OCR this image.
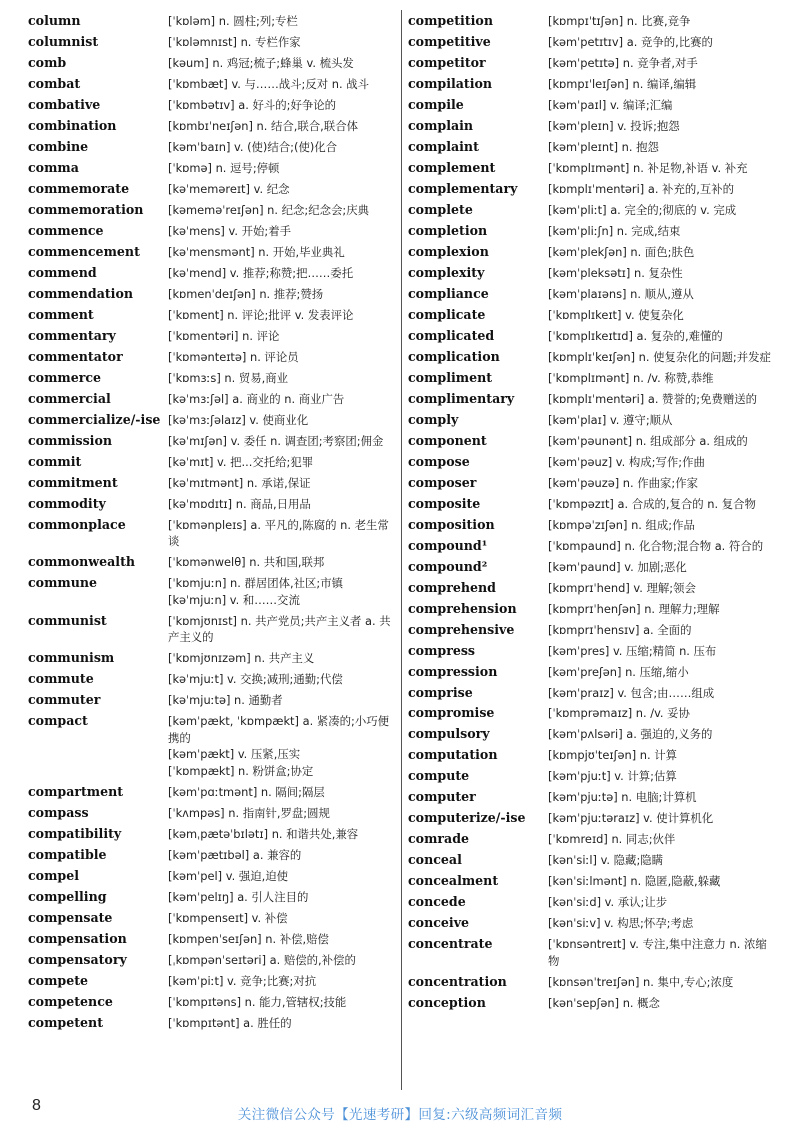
column	[ˈkɒləm] n. 圆柱;列;专栏
columnist	[ˈkɒləmnɪst] n. 专栏作家
comb	[kəum] n. 鸡冠;梳子;蜂巢 v. 梳头发
combat	[ˈkɒmbæt] v. 与……战斗;反对 n. 战斗
combative	[ˈkɒmbətɪv] a. 好斗的;好争论的
combination	[kɒmbɪˈneɪʃən] n. 结合,联合,联合体
combine	[kəmˈbaɪn] v. (使)结合;(使)化合
comma	[ˈkɒmə] n. 逗号;停顿
commemorate	[kəˈmeməreɪt] v. 纪念
commemoration	[kəmeməˈreɪʃən] n. 纪念;纪念会;庆典
commence	[kəˈmens] v. 开始;着手
commencement	[kəˈmensmənt] n. 开始,毕业典礼
commend	[kəˈmend] v. 推荐;称赞;把……委托
commendation	[kɒmenˈdeɪʃən] n. 推荐;赞扬
comment	[ˈkɒment] n. 评论;批评 v. 发表评论
commentary	[ˈkɒmentəri] n. 评论
commentator	[ˈkɒmənteɪtə] n. 评论员
commerce	[ˈkɒmɜːs] n. 贸易,商业
commercial	[kəˈmɜːʃəl] a. 商业的 n. 商业广告
commercialize/-ise [kəˈmɜːʃəlaɪz] v. 使商业化
commission	[kəˈmɪʃən] v. 委任 n. 调查团;考察团;佣金
commit	[kəˈmɪt] v. 把...交托给;犯罪
commitment	[kəˈmɪtmənt] n. 承诺,保证
commodity	[kəˈmɒdɪtɪ] n. 商品,日用品
commonplace	[ˈkɒmənpleɪs] a. 平凡的,陈腐的 n. 老生常谈
commonwealth	[ˈkɒmənwelθ] n. 共和国,联邦
commune	[ˈkɒmjuːn] n. 群居团体,社区;市镇
[kəˈmjuːn] v. 和……交流
communist	[ˈkɒmjʊnɪst] n. 共产党员;共产主义者 a. 共产主义的
communism	[ˈkɒmjʊnɪzəm] n. 共产主义
commute	[kəˈmjuːt] v. 交换;减刑;通勤;代偿
commuter	[kəˈmjuːtə] n. 通勤者
compact	[kəmˈpækt, ˈkɒmpækt] a. 紧凑的;小巧便携的
[kəmˈpækt] v. 压紧,压实
[ˈkɒmpækt] n. 粉饼盒;协定
compartment	[kəmˈpɑːtmənt] n. 隔间;隔层
compass	[ˈkʌmpəs] n. 指南针,罗盘;圆规
compatibility	[kəmˌpætəˈbɪlətɪ] n. 和谐共处,兼容
compatible	[kəmˈpætɪbəl] a. 兼容的
compel	[kəmˈpel] v. 强迫,迫使
compelling	[kəmˈpelɪŋ] a. 引人注目的
compensate	[ˈkɒmpenseɪt] v. 补偿
compensation	[kɒmpenˈseɪʃən] n. 补偿,赔偿
compensatory	[ˌkɒmpənˈseɪtəri] a. 赔偿的,补偿的
compete	[kəmˈpiːt] v. 竞争;比赛;对抗
competence	[ˈkɒmpɪtəns] n. 能力,管辖权;技能
competent	[ˈkɒmpɪtənt] a. 胜任的
competition	[kɒmpɪˈtɪʃən] n. 比赛,竞争
competitive	[kəmˈpetɪtɪv] a. 竞争的,比赛的
competitor	[kəmˈpetɪtə] n. 竞争者,对手
compilation	[kɒmpɪˈleɪʃən] n. 编译,编辑
compile	[kəmˈpaɪl] v. 编译;汇编
complain	[kəmˈpleɪn] v. 投诉;抱怨
complaint	[kəmˈpleɪnt] n. 抱怨
complement	[ˈkɒmplɪmənt] n. 补足物,补语 v. 补充
complementary	[kɒmplɪˈmentəri] a. 补充的,互补的
complete	[kəmˈpliːt] a. 完全的;彻底的 v. 完成
completion	[kəmˈpliːʃn] n. 完成,结束
complexion	[kəmˈplekʃən] n. 面色;肤色
complexity	[kəmˈpleksətɪ] n. 复杂性
compliance	[kəmˈplaɪəns] n. 顺从,遵从
complicate	[ˈkɒmplɪkeɪt] v. 使复杂化
complicated	[ˈkɒmplɪkeɪtɪd] a. 复杂的,难懂的
complication	[kɒmplɪˈkeɪʃən] n. 使复杂化的问题;并发症
compliment	[ˈkɒmplɪmənt] n. /v. 称赞,恭维
complimentary	[kɒmplɪˈmentəri] a. 赞誉的;免费赠送的
comply	[kəmˈplaɪ] v. 遵守;顺从
component	[kəmˈpəunənt] n. 组成部分 a. 组成的
compose	[kəmˈpəuz] v. 构成;写作;作曲
composer	[kəmˈpəuzə] n. 作曲家;作家
composite	[ˈkɒmpəzɪt] a. 合成的,复合的 n. 复合物
composition	[kɒmpəˈzɪʃən] n. 组成;作品
compound¹	[ˈkɒmpaund] n. 化合物;混合物 a. 符合的
compound²	[kəmˈpaund] v. 加剧;恶化
comprehend	[kɒmprɪˈhend] v. 理解;领会
comprehension	[kɒmprɪˈhenʃən] n. 理解力;理解
comprehensive	[kɒmprɪˈhensɪv] a. 全面的
compress	[kəmˈpres] v. 压缩;精简 n. 压布
compression	[kəmˈpreʃən] n. 压缩,缩小
comprise	[kəmˈpraɪz] v. 包含;由……组成
compromise	[ˈkɒmprəmaɪz] n. /v. 妥协
compulsory	[kəmˈpʌlsəri] a. 强迫的,义务的
computation	[kɒmpjʊˈteɪʃən] n. 计算
compute	[kəmˈpjuːt] v. 计算;估算
computer	[kəmˈpjuːtə] n. 电脑;计算机
computerize/-ise	[kəmˈpjuːtəraɪz] v. 使计算机化
comrade	[ˈkɒmreɪd] n. 同志;伙伴
conceal	[kənˈsiːl] v. 隐藏;隐瞒
concealment	[kənˈsiːlmənt] n. 隐匿,隐蔽,躲藏
concede	[kənˈsiːd] v. 承认;让步
conceive	[kənˈsiːv] v. 构思;怀孕;考虑
concentrate	[ˈkɒnsəntreɪt] v. 专注,集中注意力 n. 浓缩物
concentration	[kɒnsənˈtreɪʃən] n. 集中,专心;浓度
conception	[kənˈsepʃən] n. 概念
8
关注微信公众号【光速考研】回复:六级高频词汇音频
